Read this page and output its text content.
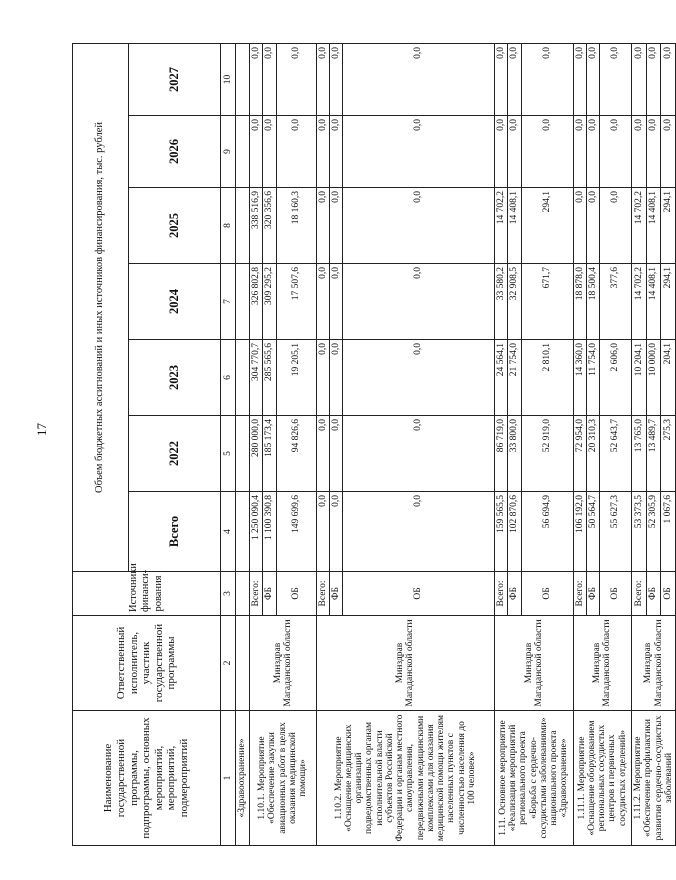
17
Наименование государственной программы, подпрограммы, основных мероприятий, мероприятий, подмероприятий	Ответственный исполнитель, участник государственной программы	Источники финанси- рования	Объем бюджетных ассигнований и иных источников финансирования, тыс. рублей						
			Всего	2022	2023	2024	2025	2026	2027
1	2	3	4	5	6	7	8	9	10
«Здравоохранение»									
1.10.1. Мероприятие «Обеспечение закупки авиационных работ в целях оказания медицинской помощи»	Минздрав Магаданской области	Всего:	1 250 090,4	280 000,0	304 770,7	326 802,8	338 516,9	0,0	0,0
		ФБ	1 100 390,8	185 173,4	285 565,6	309 295,2	320 356,6	0,0	0,0
		ОБ	149 699,6	94 826,6	19 205,1	17 507,6	18 160,3	0,0	0,0
1.10.2. Мероприятие «Оснащение медицинских организаций подведомственных органам исполнительной власти субъектов Российской Федерации и органам местного самоуправления, передвижными медицинскими комплексами для оказания медицинской помощи жителям населенных пунктов с численностью населения до 100 человек»	Минздрав Магаданской области	Всего:	0,0	0,0	0,0	0,0	0,0	0,0	0,0
		ФБ	0,0	0,0	0,0	0,0	0,0	0,0	0,0
		ОБ	0,0	0,0	0,0	0,0	0,0	0,0	0,0
1.11. Основное мероприятие «Реализация мероприятий регионального проекта «Борьба с сердечно-сосудистыми заболеваниями» национального проекта «Здравоохранение»	Минздрав Магаданской области	Всего:	159 565,5	86 719,0	24 564,1	33 580,2	14 702,2	0,0	0,0
		ФБ	102 870,6	33 800,0	21 754,0	32 908,5	14 408,1	0,0	0,0
		ОБ	56 694,9	52 919,0	2 810,1	671,7	294,1	0,0	0,0
1.11.1. Мероприятие «Оснащение оборудованием региональных сосудистых центров и первичных сосудистых отделений»	Минздрав Магаданской области	Всего:	106 192,0	72 954,0	14 360,0	18 878,0	0,0	0,0	0,0
		ФБ	50 564,7	20 310,3	11 754,0	18 500,4	0,0	0,0	0,0
		ОБ	55 627,3	52 643,7	2 606,0	377,6	0,0	0,0	0,0
1.11.2. Мероприятие «Обеспечение профилактики развития сердечно-сосудистых заболеваний	Минздрав Магаданской области	Всего:	53 373,5	13 765,0	10 204,1	14 702,2	14 702,2	0,0	0,0
		ФБ	52 305,9	13 489,7	10 000,0	14 408,1	14 408,1	0,0	0,0
		ОБ	1 067,6	275,3	204,1	294,1	294,1	0,0	0,0
